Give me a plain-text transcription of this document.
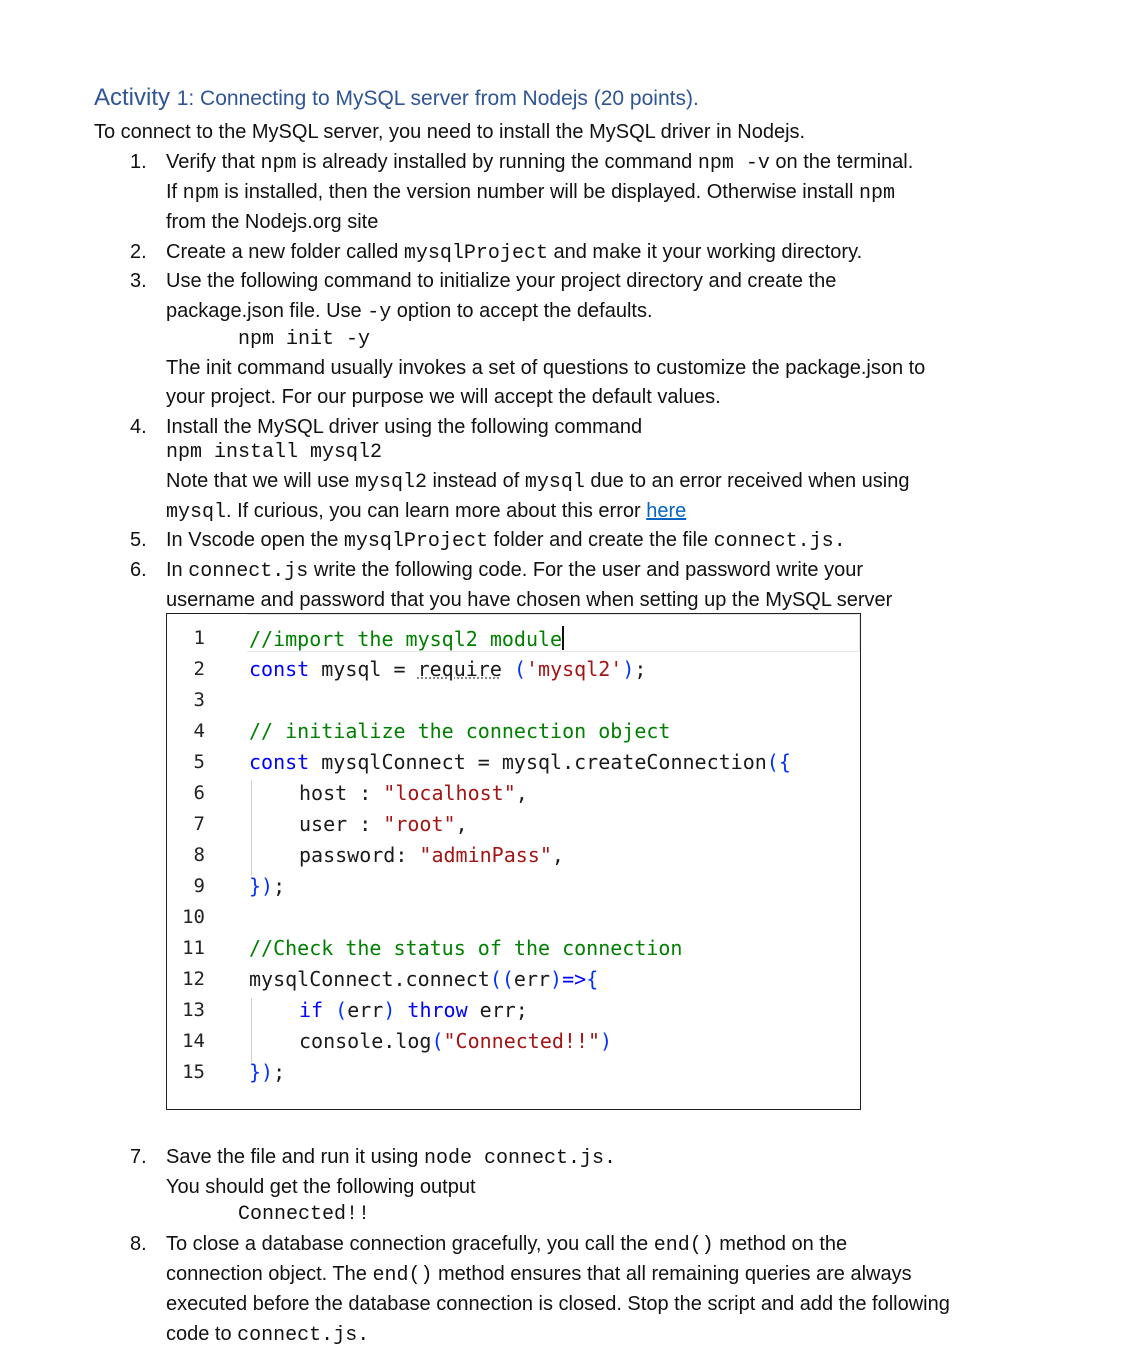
Activity 1: Connecting to MySQL server from Nodejs (20 points).
To connect to the MySQL server, you need to install the MySQL driver in Nodejs.
1. Verify that npm is already installed by running the command npm -v on the terminal.
If npm is installed, then the version number will be displayed. Otherwise install npm
from the Nodejs.org site
2. Create a new folder called mysqlProject and make it your working directory.
3. Use the following command to initialize your project directory and create the
package.json file. Use -y option to accept the defaults.
npm init -y
The init command usually invokes a set of questions to customize the package.json to
your project. For our purpose we will accept the default values.
4. Install the MySQL driver using the following command
npm install mysql2
Note that we will use mysql2 instead of mysql due to an error received when using
mysql. If curious, you can learn more about this error here
5. In Vscode open the mysqlProject folder and create the file connect.js.
6. In connect.js write the following code. For the user and password write your
username and password that you have chosen when setting up the MySQL server
1
2
3
4
5
6
7
8
9
10
11
12
13
14
15
//import the mysql2 module
const mysql = require ('mysql2');
// initialize the connection object
const mysqlConnect = mysql.createConnection({
host : "localhost",
user : "root",
password: "adminPass",
});
//Check the status of the connection
mysqlConnect.connect((err)=>{
if (err) throw err;
console.log("Connected!!")
});
7. Save the file and run it using node connect.js.
You should get the following output
Connected!!
8. To close a database connection gracefully, you call the end() method on the
connection object. The end() method ensures that all remaining queries are always
executed before the database connection is closed. Stop the script and add the following
code to connect.js.
